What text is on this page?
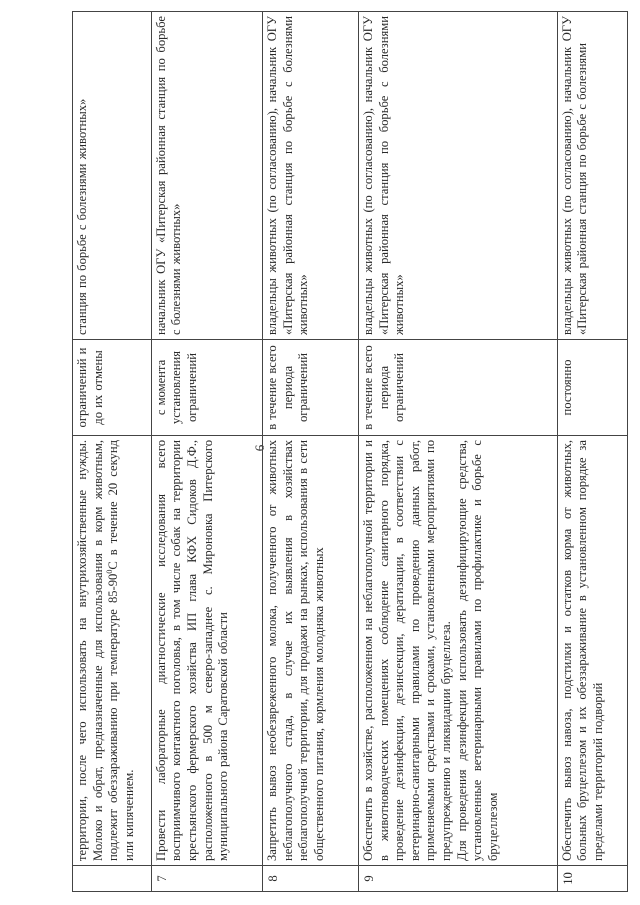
6
	территории, после чего использовать на внутрихозяйственные нужды. Молоко и обрат, предназначенные для использования в корм животным, подлежит обеззараживанию при температуре $85-90^0С$ в течение 20 секунд или кипячением.	ограничений и до их отмены	станция по борьбе с болезнями животных»
7	Провести лабораторные диагностические исследования всего восприимчивого контактного поголовья, в том числе собак на территории крестьянского фермерского хозяйства ИП глава КФХ Сидоков Д.Ф., расположенного в 500 м северо-западнее с. Мироновка Питерского муниципального района Саратовской области	с момента установления ограничений	начальник ОГУ «Питерская районная станция по борьбе с болезнями животных»
8	Запретить вывоз необезвреженного молока, полученного от животных неблагополучного стада, в случае их выявления в хозяйствах неблагополучной территории, для продажи на рынках, использования в сети общественного питания, кормления молодняка животных	в течение всего периода ограничений	владельцы животных (по согласованию), начальник ОГУ «Питерская районная станция по борьбе с болезнями животных»
9	Обеспечить в хозяйстве, расположенном на неблагополучной территории и в животноводческих помещениях соблюдение санитарного порядка, проведение дезинфекции, дезинсекции, дератизации, в соответствии с ветеринарно-санитарными правилами по проведению данных работ, применяемыми средствами и сроками, установленными мероприятиями по предупреждению и ликвидации бруцеллеза. Для проведения дезинфекции использовать дезинфицирующие средства, установленные ветеринарными правилами по профилактике и борьбе с бруцеллезом	в течение всего периода ограничений	владельцы животных (по согласованию), начальник ОГУ «Питерская районная станция по борьбе с болезнями животных»
10	Обеспечить вывоз навоза, подстилки и остатков корма от животных, больных бруцеллезом и их обеззараживание в установленном порядке за пределами территорий подворий	постоянно	владельцы животных (по согласованию), начальник ОГУ «Питерская районная станция по борьбе с болезнями
